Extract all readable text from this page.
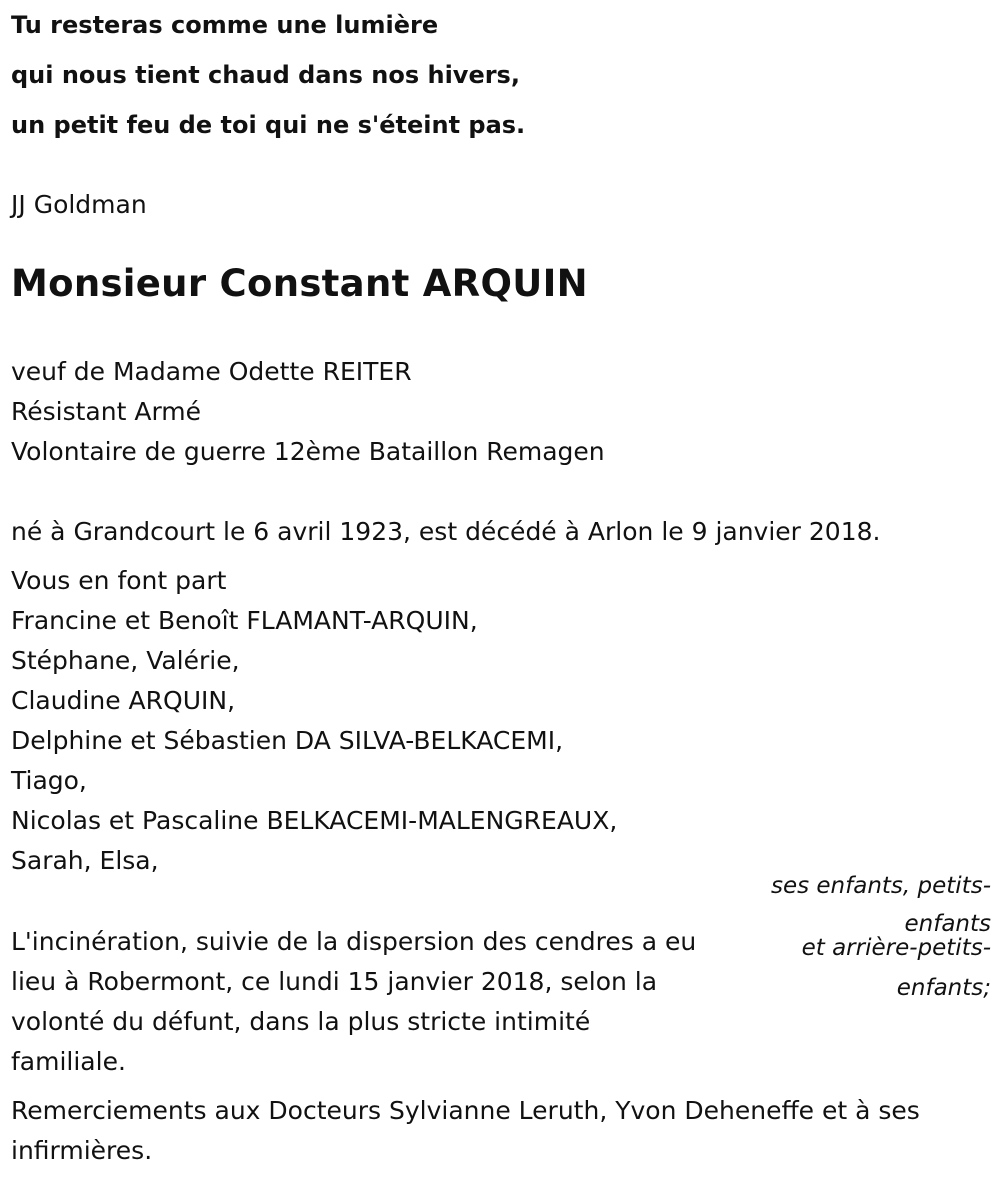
Tu resteras comme une lumière

qui nous tient chaud dans nos hivers,

un petit feu de toi qui ne s'éteint pas.

JJ Goldman

Monsieur Constant ARQUIN

veuf de Madame Odette REITER

Résistant Armé

Volontaire de guerre 12ème Bataillon Remagen

né à Grandcourt le 6 avril 1923, est décédé à Arlon le 9 janvier 2018.

Vous en font part

Francine et Benoît FLAMANT-ARQUIN,

Stéphane, Valérie,

Claudine ARQUIN,

Delphine et Sébastien DA SILVA-BELKACEMI,

Tiago,

Nicolas et Pascaline BELKACEMI-MALENGREAUX,

Sarah, Elsa,

ses enfants, petits-
enfants
et arrière-petits-
enfants;

L'incinération, suivie de la dispersion des cendres a eu

lieu à Robermont, ce lundi 15 janvier 2018, selon la

volonté du défunt, dans la plus stricte intimité

familiale.

Remerciements aux Docteurs Sylvianne Leruth, Yvon Deheneffe et à ses

infirmières.
